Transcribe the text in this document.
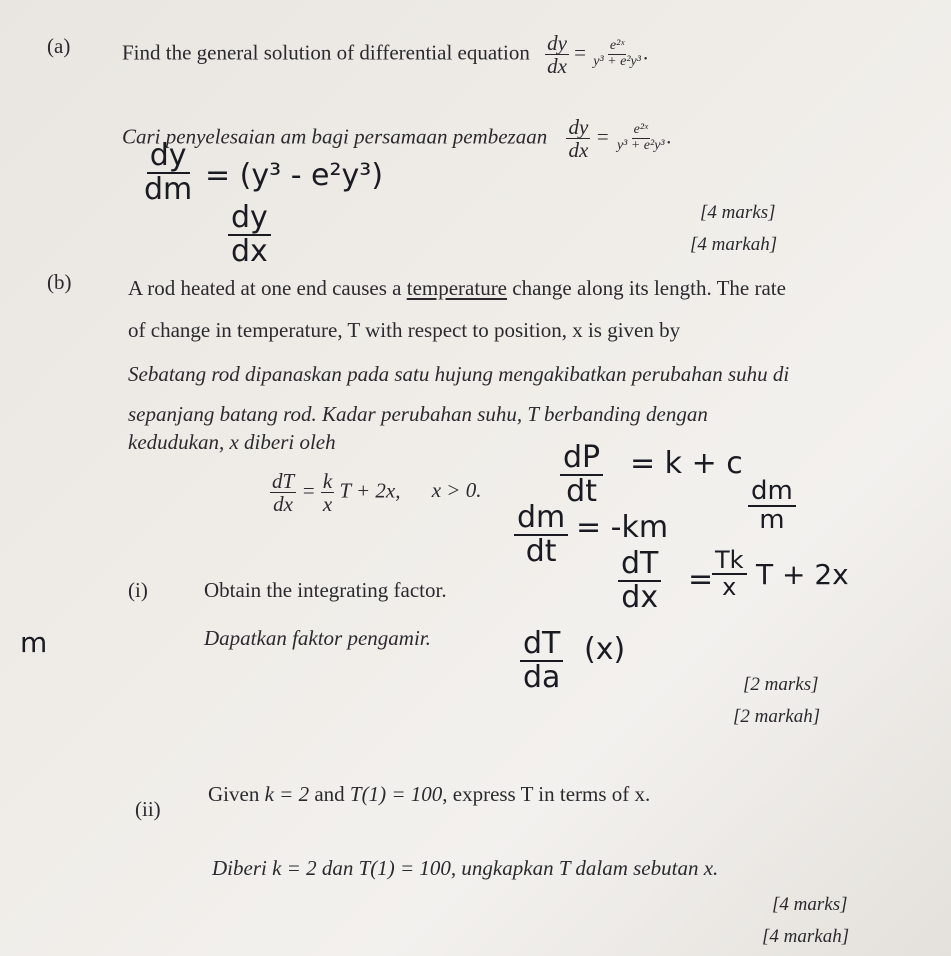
(a) Find the general solution of differential equation $\frac{dy}{dx} = \frac{\text{e²ˣ}}{\text{y³ + e²y³}}$ .
Cari penyelesaian am bagi persamaan pembezaan $\frac{dy}{dx} = \frac{\text{e²ˣ}}{\text{y³ + e²y³}}$ .
[4 marks]
[4 markah]
$\frac{dy}{dm} = (y^3 - e^2y^3)$
$\frac{dy}{dx}$
(b)	A rod heated at one end causes a temperature change along its length. The rate
of change in temperature, T with respect to position, x is given by
Sebatang rod dipanaskan pada satu hujung mengakibatkan perubahan suhu di
sepanjang batang rod. Kadar perubahan suhu, T berbanding dengan
kedudukan, x diberi oleh
$\frac{dT}{dx} = \frac{k}{x}$ T + 2x, x > 0.	$\frac{dP}{dt} = k + c$
$\frac{dm}{dt} = -km$	$\frac{dm}{m}$
$\frac{dT}{dx}$ =
$\frac{Tk}{x}$ T + 2x
(i)	Obtain the integrating factor.
Dapatkan faktor pengamir.
m	$\frac{dT}{da} (x)$
[2 marks]
[2 markah]
(ii)
Given k = 2 and T(1) = 100, express T in terms of x.
Diberi k = 2 dan T(1) = 100, ungkapkan T dalam sebutan x.
[4 marks]
[4 markah]
